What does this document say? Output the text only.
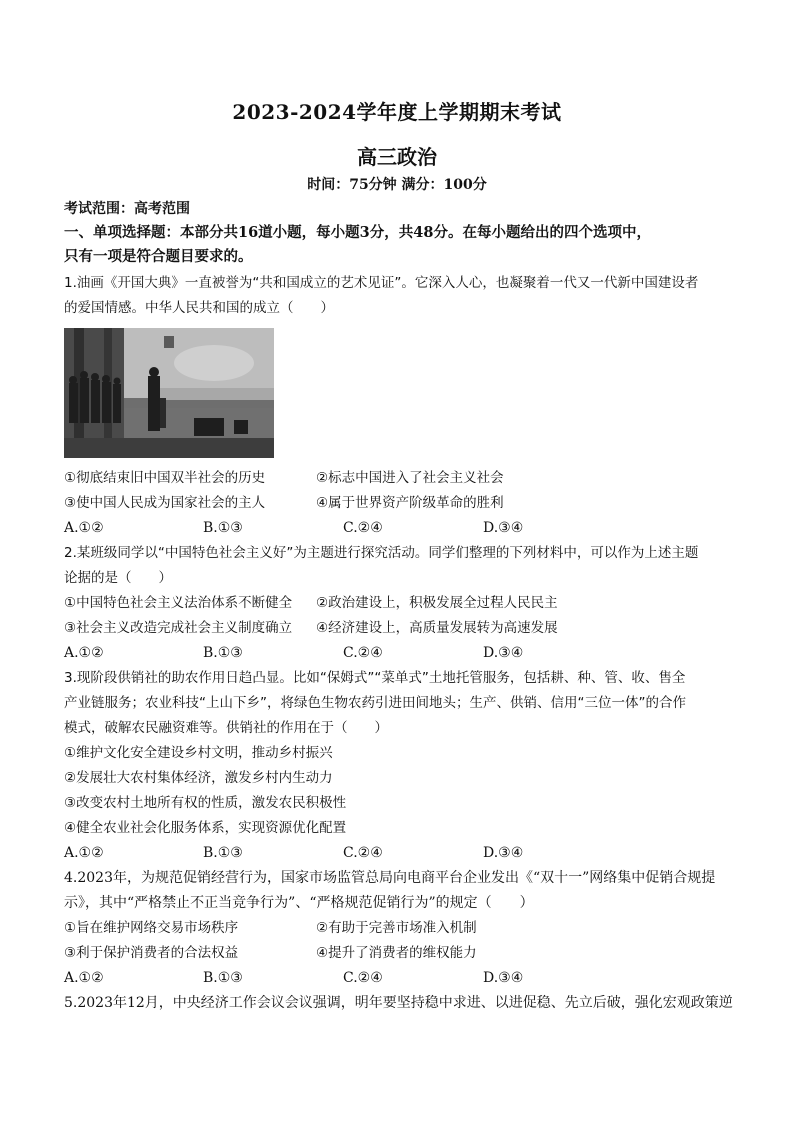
2023-2024学年度上学期期末考试
高三政治
时间：75分钟 满分：100分
考试范围：高考范围
一、单项选择题：本部分共16道小题，每小题3分，共48分。在每小题给出的四个选项中，
只有一项是符合题目要求的。
1.油画《开国大典》一直被誉为“共和国成立的艺术见证”。它深入人心，也凝聚着一代又一代新中国建设者
的爱国情感。中华人民共和国的成立（　　）
①彻底结束旧中国双半社会的历史	②标志中国进入了社会主义社会
③使中国人民成为国家社会的主人	④属于世界资产阶级革命的胜利
A.①②	B.①③	C.②④	D.③④
2.某班级同学以“中国特色社会主义好”为主题进行探究活动。同学们整理的下列材料中，可以作为上述主题
论据的是（　　）
①中国特色社会主义法治体系不断健全 ②政治建设上，积极发展全过程人民民主
③社会主义改造完成社会主义制度确立 ④经济建设上，高质量发展转为高速发展
A.①②	B.①③	C.②④	D.③④
3.现阶段供销社的助农作用日趋凸显。比如“保姆式”“菜单式”土地托管服务，包括耕、种、管、收、售全
产业链服务；农业科技“上山下乡”，将绿色生物农药引进田间地头；生产、供销、信用“三位一体”的合作
模式，破解农民融资难等。供销社的作用在于（　　）
①维护文化安全建设乡村文明，推动乡村振兴
②发展壮大农村集体经济，激发乡村内生动力
③改变农村土地所有权的性质，激发农民积极性
④健全农业社会化服务体系，实现资源优化配置
A.①②	B.①③	C.②④	D.③④
4.2023年，为规范促销经营行为，国家市场监管总局向电商平台企业发出《“双十一”网络集中促销合规提
示》，其中“严格禁止不正当竞争行为”、“严格规范促销行为”的规定（　　）
①旨在维护网络交易市场秩序	②有助于完善市场准入机制
③利于保护消费者的合法权益	④提升了消费者的维权能力
A.①②	B.①③	C.②④	D.③④
5.2023年12月，中央经济工作会议会议强调，明年要坚持稳中求进、以进促稳、先立后破，强化宏观政策逆
